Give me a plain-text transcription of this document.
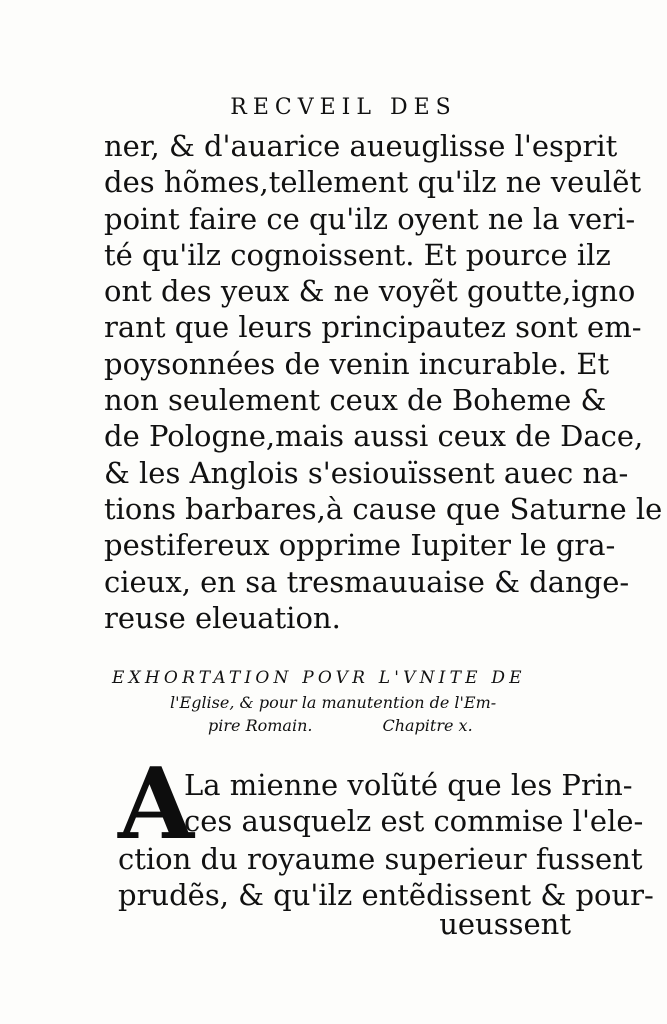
RECVEIL DES
ner, & d'auarice aueuglisse l'esprit
des hõmes,tellement qu'ilz ne veulẽt
point faire ce qu'ilz oyent ne la veri-
té qu'ilz cognoissent. Et pource ilz
ont des yeux & ne voyẽt goutte,igno
rant que leurs principautez sont em-
poysonnées de venin incurable. Et
non seulement ceux de Boheme &
de Pologne,mais aussi ceux de Dace,
& les Anglois s'esiouïssent auec na-
tions barbares,à cause que Saturne le
pestifereux opprime Iupiter le gra-
cieux, en sa tresmauuaise & dange-
reuse eleuation.
EXHORTATION POVR L'VNITE DE
l'Eglise, & pour la manutention de l'Em-
pire Romain.	Chapitre x.
A
La mienne volũté que les Prin-
ces ausquelz est commise l'ele-
ction du royaume superieur fussent
prudẽs, & qu'ilz entẽdissent & pour-
ueussent
